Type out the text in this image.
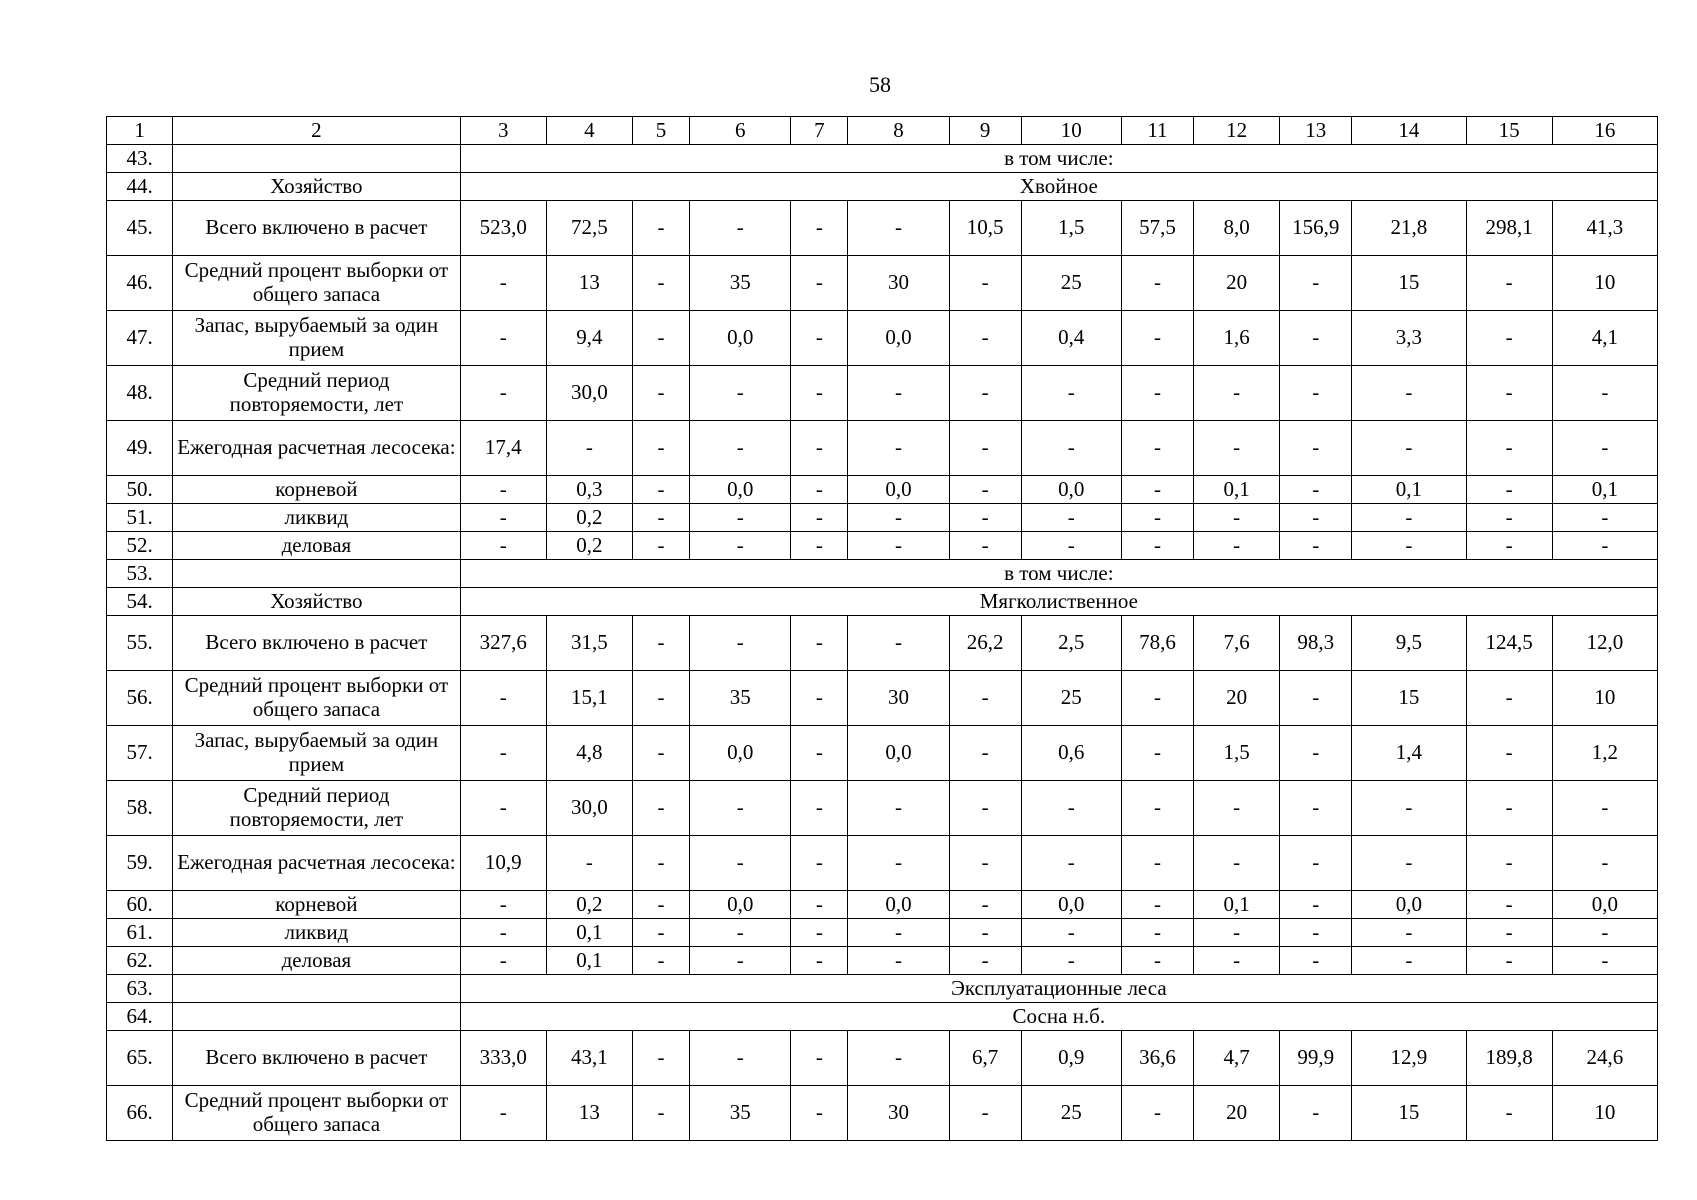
58
1	2	3	4	5	6	7	8	9	10	11	12	13	14	15	16
43.		в том числе:													
44.	Хозяйство	Хвойное													
45.	Всего включено в расчет	523,0	72,5	-	-	-	-	10,5	1,5	57,5	8,0	156,9	21,8	298,1	41,3
46.	Средний процент выборки от общего запаса	-	13	-	35	-	30	-	25	-	20	-	15	-	10
47.	Запас, вырубаемый за один прием	-	9,4	-	0,0	-	0,0	-	0,4	-	1,6	-	3,3	-	4,1
48.	Средний период повторяемости, лет	-	30,0	-	-	-	-	-	-	-	-	-	-	-	-
49.	Ежегодная расчетная лесосека:	17,4	-	-	-	-	-	-	-	-	-	-	-	-	-
50.	корневой	-	0,3	-	0,0	-	0,0	-	0,0	-	0,1	-	0,1	-	0,1
51.	ликвид	-	0,2	-	-	-	-	-	-	-	-	-	-	-	-
52.	деловая	-	0,2	-	-	-	-	-	-	-	-	-	-	-	-
53.		в том числе:													
54.	Хозяйство	Мягколиственное													
55.	Всего включено в расчет	327,6	31,5	-	-	-	-	26,2	2,5	78,6	7,6	98,3	9,5	124,5	12,0
56.	Средний процент выборки от общего запаса	-	15,1	-	35	-	30	-	25	-	20	-	15	-	10
57.	Запас, вырубаемый за один прием	-	4,8	-	0,0	-	0,0	-	0,6	-	1,5	-	1,4	-	1,2
58.	Средний период повторяемости, лет	-	30,0	-	-	-	-	-	-	-	-	-	-	-	-
59.	Ежегодная расчетная лесосека:	10,9	-	-	-	-	-	-	-	-	-	-	-	-	-
60.	корневой	-	0,2	-	0,0	-	0,0	-	0,0	-	0,1	-	0,0	-	0,0
61.	ликвид	-	0,1	-	-	-	-	-	-	-	-	-	-	-	-
62.	деловая	-	0,1	-	-	-	-	-	-	-	-	-	-	-	-
63.		Эксплуатационные леса													
64.		Сосна н.б.													
65.	Всего включено в расчет	333,0	43,1	-	-	-	-	6,7	0,9	36,6	4,7	99,9	12,9	189,8	24,6
66.	Средний процент выборки от общего запаса	-	13	-	35	-	30	-	25	-	20	-	15	-	10
